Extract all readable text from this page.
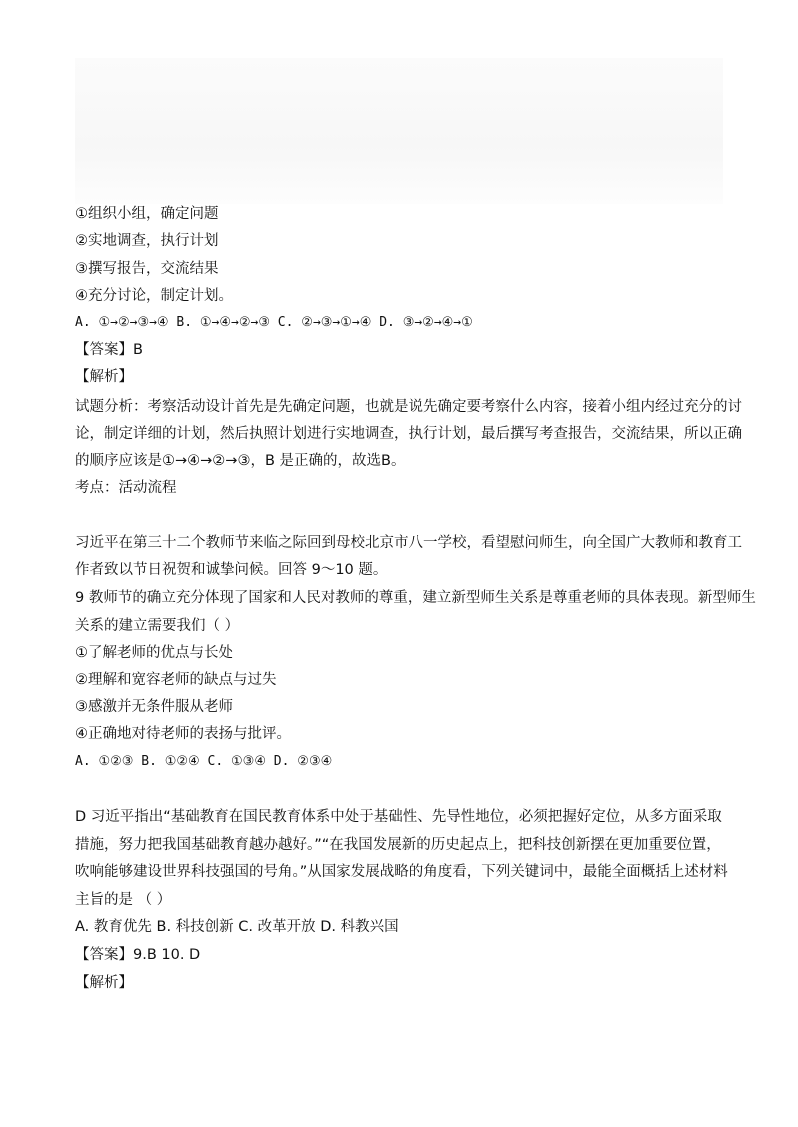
①组织小组，确定问题
②实地调查，执行计划
③撰写报告，交流结果
④充分讨论，制定计划。
A. ①→②→③→④ B. ①→④→②→③ C. ②→③→①→④ D. ③→②→④→①
【答案】B
【解析】
试题分析：考察活动设计首先是先确定问题，也就是说先确定要考察什么内容，接着小组内经过充分的讨
论，制定详细的计划，然后执照计划进行实地调查，执行计划，最后撰写考查报告，交流结果，所以正确
的顺序应该是①→④→②→③，B 是正确的，故选B。
考点：活动流程
习近平在第三十二个教师节来临之际回到母校北京市八一学校，看望慰问师生，向全国广大教师和教育工
作者致以节日祝贺和诚挚问候。回答 9～10 题。
9 教师节的确立充分体现了国家和人民对教师的尊重，建立新型师生关系是尊重老师的具体表现。新型师生
关系的建立需要我们（ ）
①了解老师的优点与长处
②理解和宽容老师的缺点与过失
③感激并无条件服从老师
④正确地对待老师的表扬与批评。
A. ①②③ B. ①②④ C. ①③④ D. ②③④
D 习近平指出“基础教育在国民教育体系中处于基础性、先导性地位，必须把握好定位，从多方面采取
措施，努力把我国基础教育越办越好。”“在我国发展新的历史起点上，把科技创新摆在更加重要位置，
吹响能够建设世界科技强国的号角。”从国家发展战略的角度看，下列关键词中，最能全面概括上述材料
主旨的是 （ ）
A. 教育优先 B. 科技创新 C. 改革开放 D. 科教兴国
【答案】9.B 10. D
【解析】
